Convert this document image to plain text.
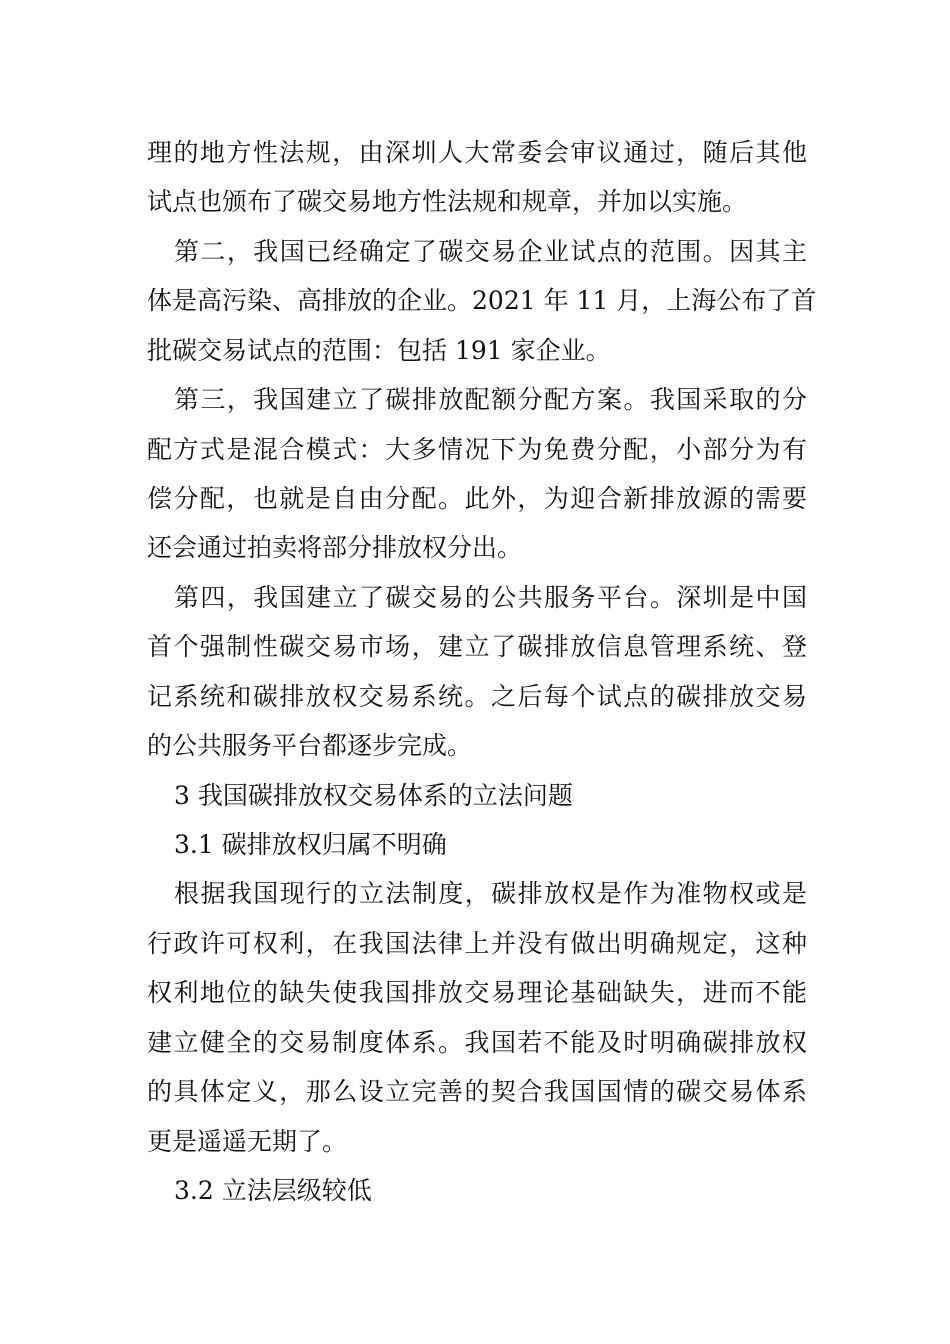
理的地方性法规，由深圳人大常委会审议通过，随后其他
试点也颁布了碳交易地方性法规和规章，并加以实施。
第二，我国已经确定了碳交易企业试点的范围。因其主
体是高污染、高排放的企业。2021 年 11 月，上海公布了首
批碳交易试点的范围：包括 191 家企业。
第三，我国建立了碳排放配额分配方案。我国采取的分
配方式是混合模式：大多情况下为免费分配，小部分为有
偿分配，也就是自由分配。此外，为迎合新排放源的需要
还会通过拍卖将部分排放权分出。
第四，我国建立了碳交易的公共服务平台。深圳是中国
首个强制性碳交易市场，建立了碳排放信息管理系统、登
记系统和碳排放权交易系统。之后每个试点的碳排放交易
的公共服务平台都逐步完成。
3 我国碳排放权交易体系的立法问题
3.1 碳排放权归属不明确
根据我国现行的立法制度，碳排放权是作为准物权或是
行政许可权利，在我国法律上并没有做出明确规定，这种
权利地位的缺失使我国排放交易理论基础缺失，进而不能
建立健全的交易制度体系。我国若不能及时明确碳排放权
的具体定义，那么设立完善的契合我国国情的碳交易体系
更是遥遥无期了。
3.2 立法层级较低
